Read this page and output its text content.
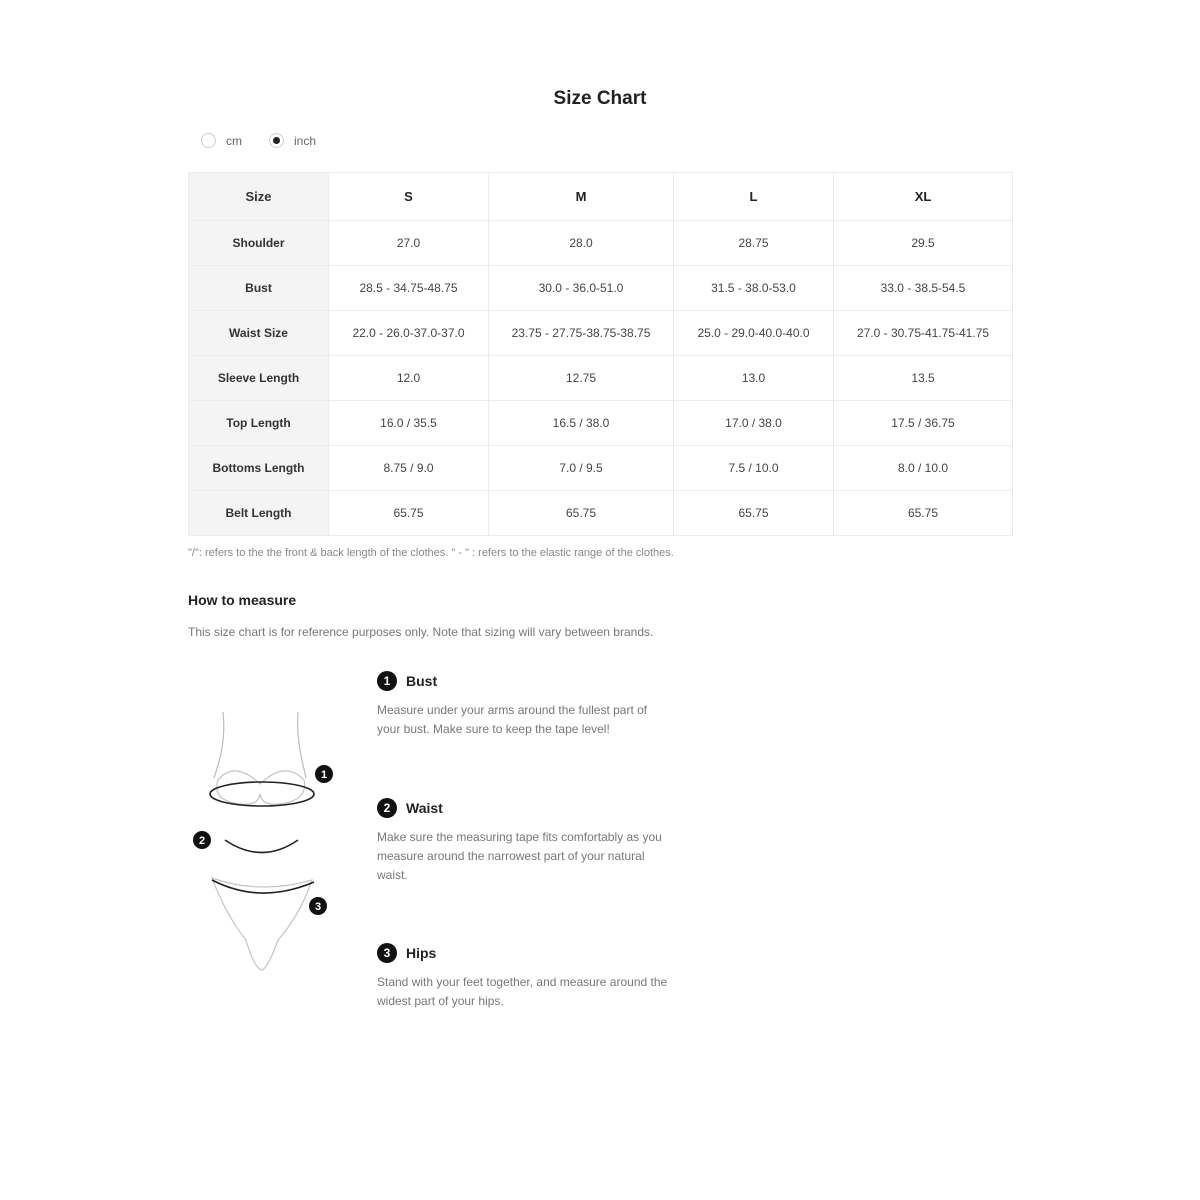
Size Chart
cm	inch
Size	S	M	L	XL
Shoulder	27.0	28.0	28.75	29.5
Bust	28.5 - 34.75-48.75	30.0 - 36.0-51.0	31.5 - 38.0-53.0	33.0 - 38.5-54.5
Waist Size	22.0 - 26.0-37.0-37.0	23.75 - 27.75-38.75-38.75	25.0 - 29.0-40.0-40.0	27.0 - 30.75-41.75-41.75
Sleeve Length	12.0	12.75	13.0	13.5
Top Length	16.0 / 35.5	16.5 / 38.0	17.0 / 38.0	17.5 / 36.75
Bottoms Length	8.75 / 9.0	7.0 / 9.5	7.5 / 10.0	8.0 / 10.0
Belt Length	65.75	65.75	65.75	65.75
"/": refers to the the front & back length of the clothes. " - " : refers to the elastic range of the clothes.
How to measure
This size chart is for reference purposes only. Note that sizing will vary between brands.
1
2
3
1	Bust
Measure under your arms around the fullest part of your bust. Make sure to keep the tape level!
2	Waist
Make sure the measuring tape fits comfortably as you measure around the narrowest part of your natural waist.
3	Hips
Stand with your feet together, and measure around the widest part of your hips.
